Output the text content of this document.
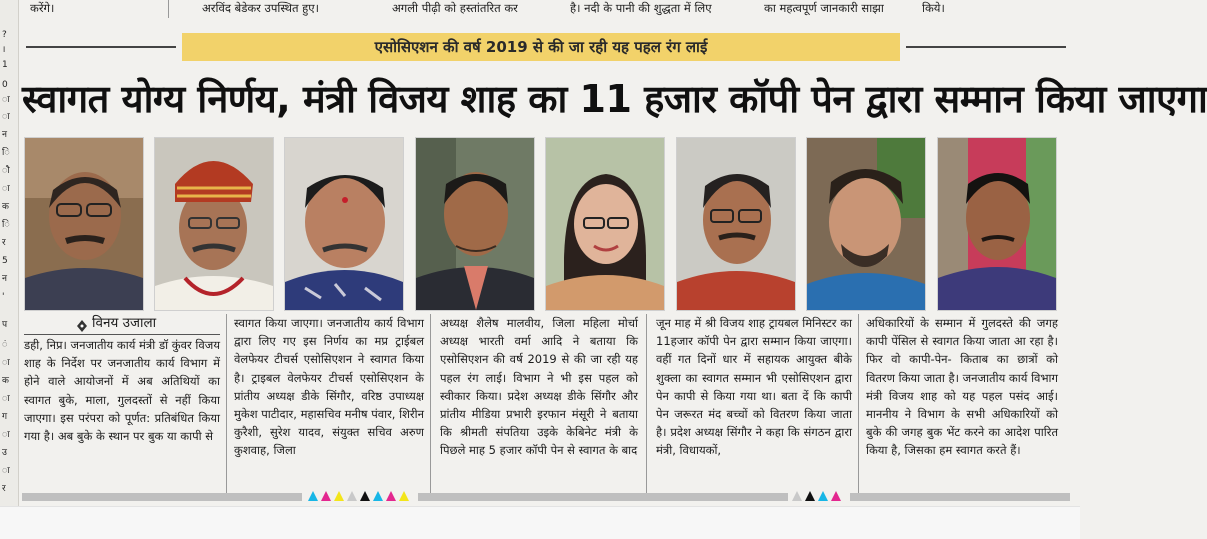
?
।
1
0
ा
ा
न
ि
ौ
ा
क
ि
र
5
न
'
प
ं
ा
क
ा
ग
ा
उ
ा
र
करेंगे।	अरविंद बेडेकर उपस्थित हुए।	अगली पीढ़ी को हस्तांतरित कर	है। नदी के पानी की शुद्धता में लिए	का महत्वपूर्ण जानकारी साझा	किये।
एसोसिएशन की वर्ष 2019 से की जा रही यह पहल रंग लाई
स्वागत योग्य निर्णय, मंत्री विजय शाह का 11 हजार कॉपी पेन द्वारा सम्मान किया जाएगा
विनय उजाला

डही, निप्र। जनजातीय कार्य मंत्री डॉ कुंवर विजय शाह के निर्देश पर जनजातीय कार्य विभाग में होने वाले आयोजनों में अब अतिथियों का स्वागत बुके, माला, गुलदस्तों से नहीं किया जाएगा। इस परंपरा को पूर्णत: प्रतिबंधित किया गया है। अब बुके के स्थान पर बुक या कापी से

स्वागत किया जाएगा। जनजातीय कार्य विभाग द्वारा लिए गए इस निर्णय का मप्र ट्राईबल वेलफेयर टीचर्स एसोसिएशन ने स्वागत किया है। ट्राइबल वेलफेयर टीचर्स एसोसिएशन के प्रांतीय अध्यक्ष डीके सिंगौर, वरिष्ठ उपाध्यक्ष मुकेश पाटीदार, महासचिव मनीष पंवार, शिरीन कुरैशी, सुरेश यादव, संयुक्त सचिव अरुण कुशवाह, जिला

अध्यक्ष शैलेष मालवीय, जिला महिला मोर्चा अध्यक्ष भारती वर्मा आदि ने बताया कि एसोसिएशन की वर्ष 2019 से की जा रही यह पहल रंग लाई। विभाग ने भी इस पहल को स्वीकार किया। प्रदेश अध्यक्ष डीके सिंगौर और प्रांतीय मीडिया प्रभारी इरफान मंसूरी ने बताया कि श्रीमती संपतिया उइके केबिनेट मंत्री के पिछले माह 5 हजार कॉपी पेन से स्वागत के बाद

जून माह में श्री विजय शाह ट्रायबल मिनिस्टर का 11हजार कॉपी पेन द्वारा सम्मान किया जाएगा। वहीं गत दिनों धार में सहायक आयुक्त बीके शुक्ला का स्वागत सम्मान भी एसोसिएशन द्वारा पेन कापी से किया गया था। बता दें कि कापी पेन जरूरत मंद बच्चों को वितरण किया जाता है। प्रदेश अध्यक्ष सिंगौर ने कहा कि संगठन द्वारा मंत्री, विधायकों,

अधिकारियों के सम्मान में गुलदस्ते की जगह कापी पेंसिल से स्वागत किया जाता आ रहा है। फिर वो कापी-पेन- किताब का छात्रों को वितरण किया जाता है। जनजातीय कार्य विभाग मंत्री विजय शाह को यह पहल पसंद आई। माननीय ने विभाग के सभी अधिकारियों को बुके की जगह बुक भेंट करने का आदेश पारित किया है, जिसका हम स्वागत करते हैं।
